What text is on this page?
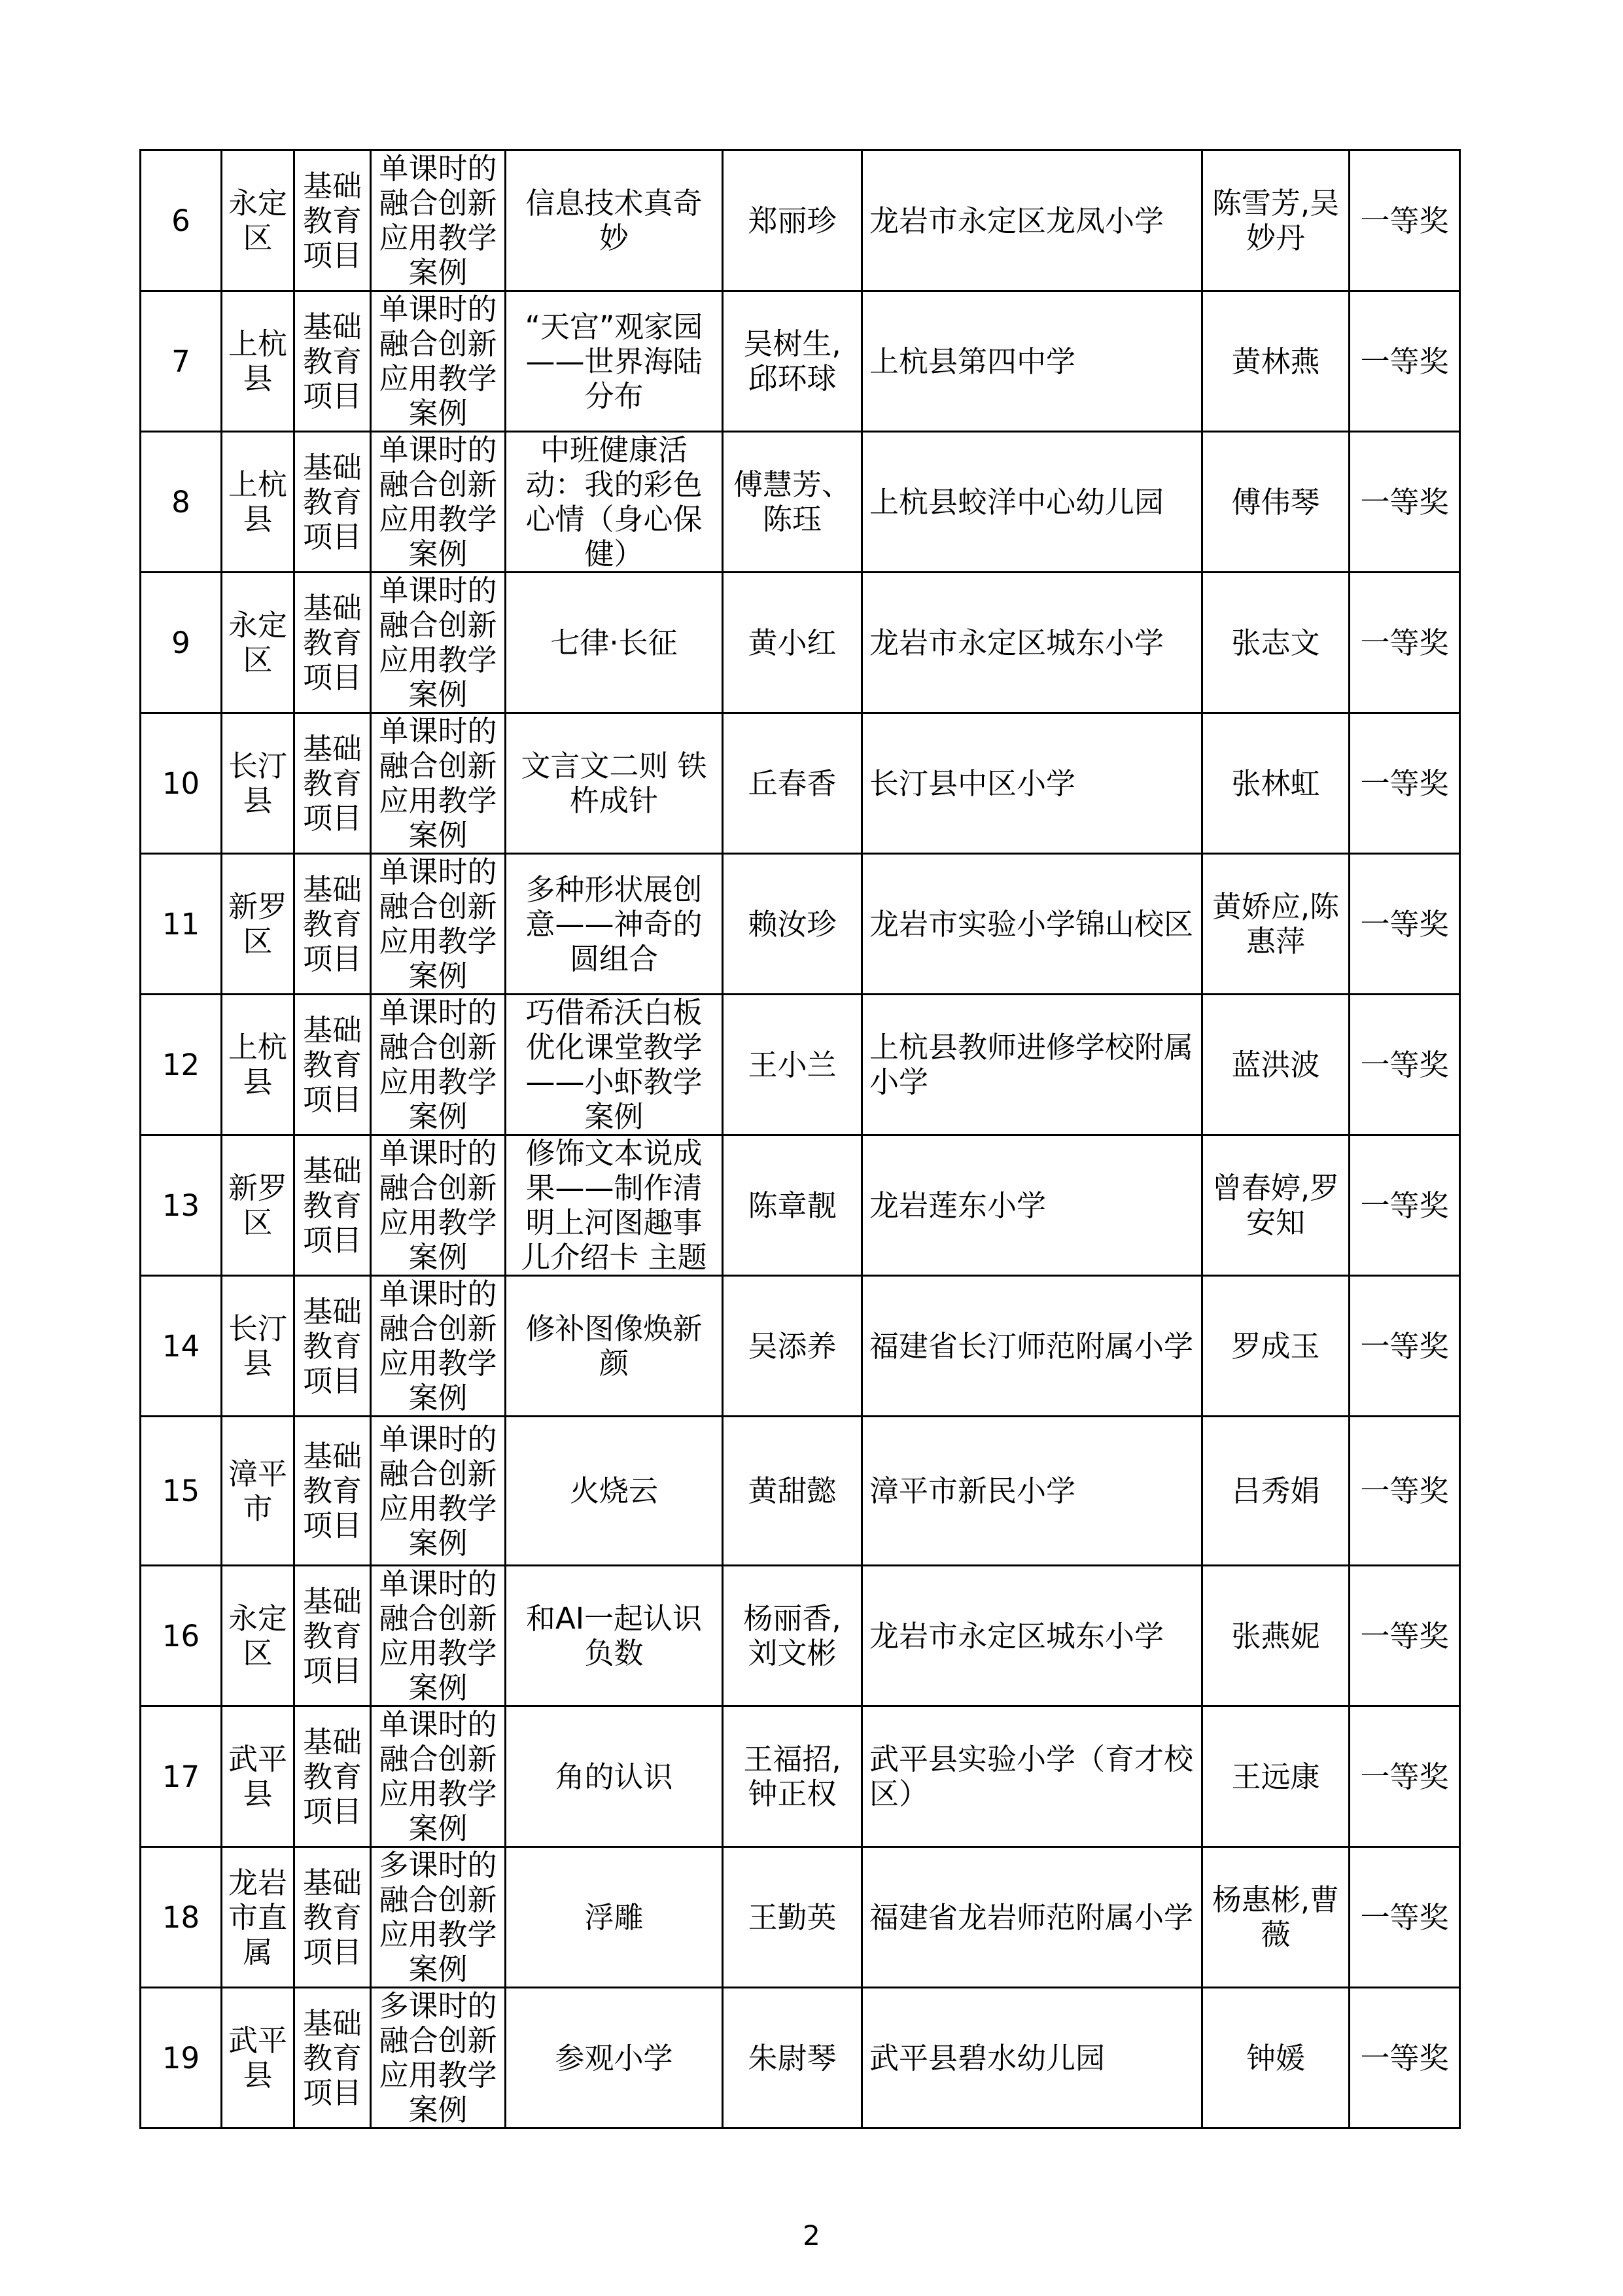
6	永定区	基础教育项目	单课时的融合创新应用教学案例	信息技术真奇妙	郑丽珍	龙岩市永定区龙凤小学	陈雪芳,吴妙丹	一等奖
7	上杭县	基础教育项目	单课时的融合创新应用教学案例	“天宫”观家园——世界海陆分布	吴树生,邱环球	上杭县第四中学	黄林燕	一等奖
8	上杭县	基础教育项目	单课时的融合创新应用教学案例	中班健康活动：我的彩色心情（身心保健）	傅慧芳、陈珏	上杭县蛟洋中心幼儿园	傅伟琴	一等奖
9	永定区	基础教育项目	单课时的融合创新应用教学案例	七律·长征	黄小红	龙岩市永定区城东小学	张志文	一等奖
10	长汀县	基础教育项目	单课时的融合创新应用教学案例	文言文二则 铁杵成针	丘春香	长汀县中区小学	张林虹	一等奖
11	新罗区	基础教育项目	单课时的融合创新应用教学案例	多种形状展创意——神奇的圆组合	赖汝珍	龙岩市实验小学锦山校区	黄娇应,陈惠萍	一等奖
12	上杭县	基础教育项目	单课时的融合创新应用教学案例	巧借希沃白板优化课堂教学——小虾教学案例	王小兰	上杭县教师进修学校附属小学	蓝洪波	一等奖
13	新罗区	基础教育项目	单课时的融合创新应用教学案例	修饰文本说成果——制作清明上河图趣事儿介绍卡 主题	陈章靓	龙岩莲东小学	曾春婷,罗安知	一等奖
14	长汀县	基础教育项目	单课时的融合创新应用教学案例	修补图像焕新颜	吴添养	福建省长汀师范附属小学	罗成玉	一等奖
15	漳平市	基础教育项目	单课时的融合创新应用教学案例	火烧云	黄甜懿	漳平市新民小学	吕秀娟	一等奖
16	永定区	基础教育项目	单课时的融合创新应用教学案例	和AI一起认识负数	杨丽香,刘文彬	龙岩市永定区城东小学	张燕妮	一等奖
17	武平县	基础教育项目	单课时的融合创新应用教学案例	角的认识	王福招,钟正权	武平县实验小学（育才校区）	王远康	一等奖
18	龙岩市直属	基础教育项目	多课时的融合创新应用教学案例	浮雕	王勤英	福建省龙岩师范附属小学	杨惠彬,曹薇	一等奖
19	武平县	基础教育项目	多课时的融合创新应用教学案例	参观小学	朱尉琴	武平县碧水幼儿园	钟媛	一等奖
2
